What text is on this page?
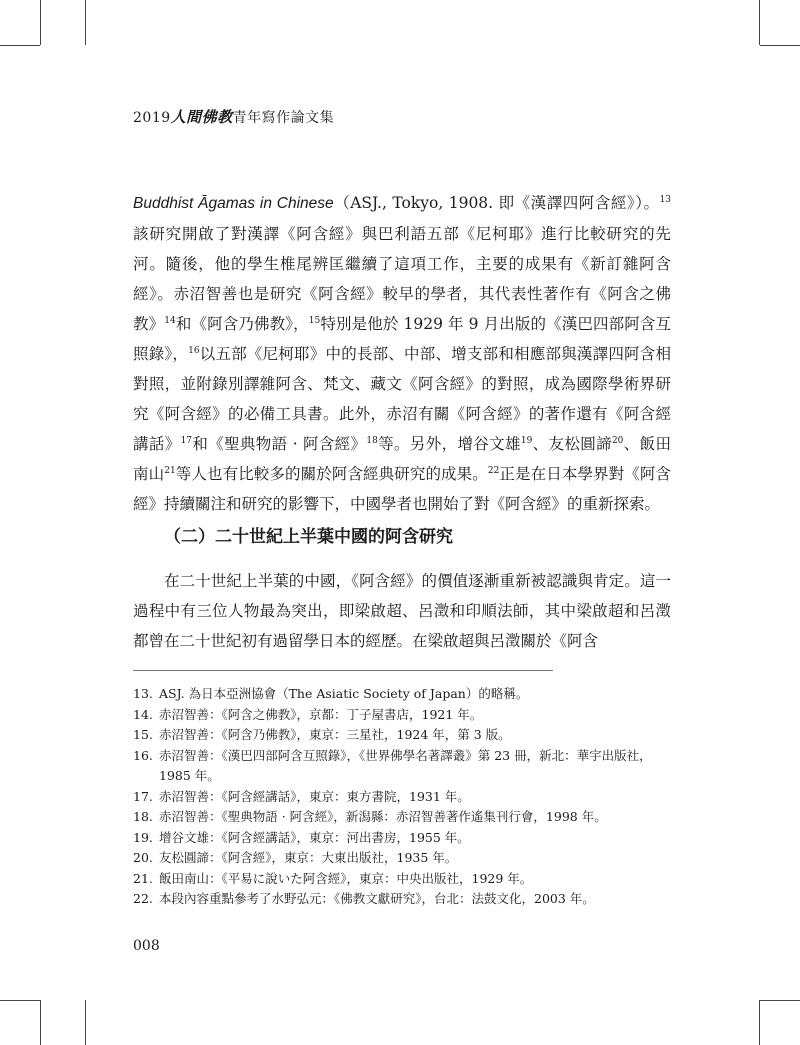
2019人間佛教青年寫作論文集

Buddhist Āgamas in Chinese（ASJ., Tokyo, 1908. 即《漢譯四阿含經》）。$^{13}$該研究開啟了對漢譯《阿含經》與巴利語五部《尼柯耶》進行比較研究的先河。隨後，他的學生椎尾辨匡繼續了這項工作，主要的成果有《新訂雜阿含經》。赤沼智善也是研究《阿含經》較早的學者，其代表性著作有《阿含之佛教》$^{14}$和《阿含乃佛教》，$^{15}$特別是他於 1929 年 9 月出版的《漢巴四部阿含互照錄》，$^{16}$以五部《尼柯耶》中的長部、中部、增支部和相應部與漢譯四阿含相對照，並附錄別譯雜阿含、梵文、藏文《阿含經》的對照，成為國際學術界研究《阿含經》的必備工具書。此外，赤沼有關《阿含經》的著作還有《阿含經講話》$^{17}$和《聖典物語 · 阿含經》$^{18}$等。另外，增谷文雄$^{19}$、友松圓諦$^{20}$、飯田南山$^{21}$等人也有比較多的關於阿含經典研究的成果。$^{22}$正是在日本學界對《阿含經》持續關注和研究的影響下，中國學者也開始了對《阿含經》的重新探索。

（二）二十世紀上半葉中國的阿含研究

在二十世紀上半葉的中國，《阿含經》的價值逐漸重新被認識與肯定。這一過程中有三位人物最為突出，即梁啟超、呂澂和印順法師，其中梁啟超和呂澂都曾在二十世紀初有過留學日本的經歷。在梁啟超與呂澂關於《阿含

13. ASJ. 為日本亞洲協會（The Asiatic Society of Japan）的略稱。
14. 赤沼智善：《阿含之佛教》，京都：丁子屋書店，1921 年。
15. 赤沼智善：《阿含乃佛教》，東京：三星社，1924 年，第 3 版。
16. 赤沼智善：《漢巴四部阿含互照錄》，《世界佛學名著譯叢》第 23 冊，新北：華宇出版社，1985 年。
17. 赤沼智善：《阿含經講話》，東京：東方書院，1931 年。
18. 赤沼智善：《聖典物語 · 阿含經》，新潟縣：赤沼智善著作遙集刊行會，1998 年。
19. 增谷文雄：《阿含經講話》，東京：河出書房，1955 年。
20. 友松圓諦：《阿含經》，東京：大東出版社，1935 年。
21. 飯田南山：《平易に說いた阿含經》，東京：中央出版社，1929 年。
22. 本段內容重點參考了水野弘元：《佛教文獻研究》，台北：法鼓文化，2003 年。
008
